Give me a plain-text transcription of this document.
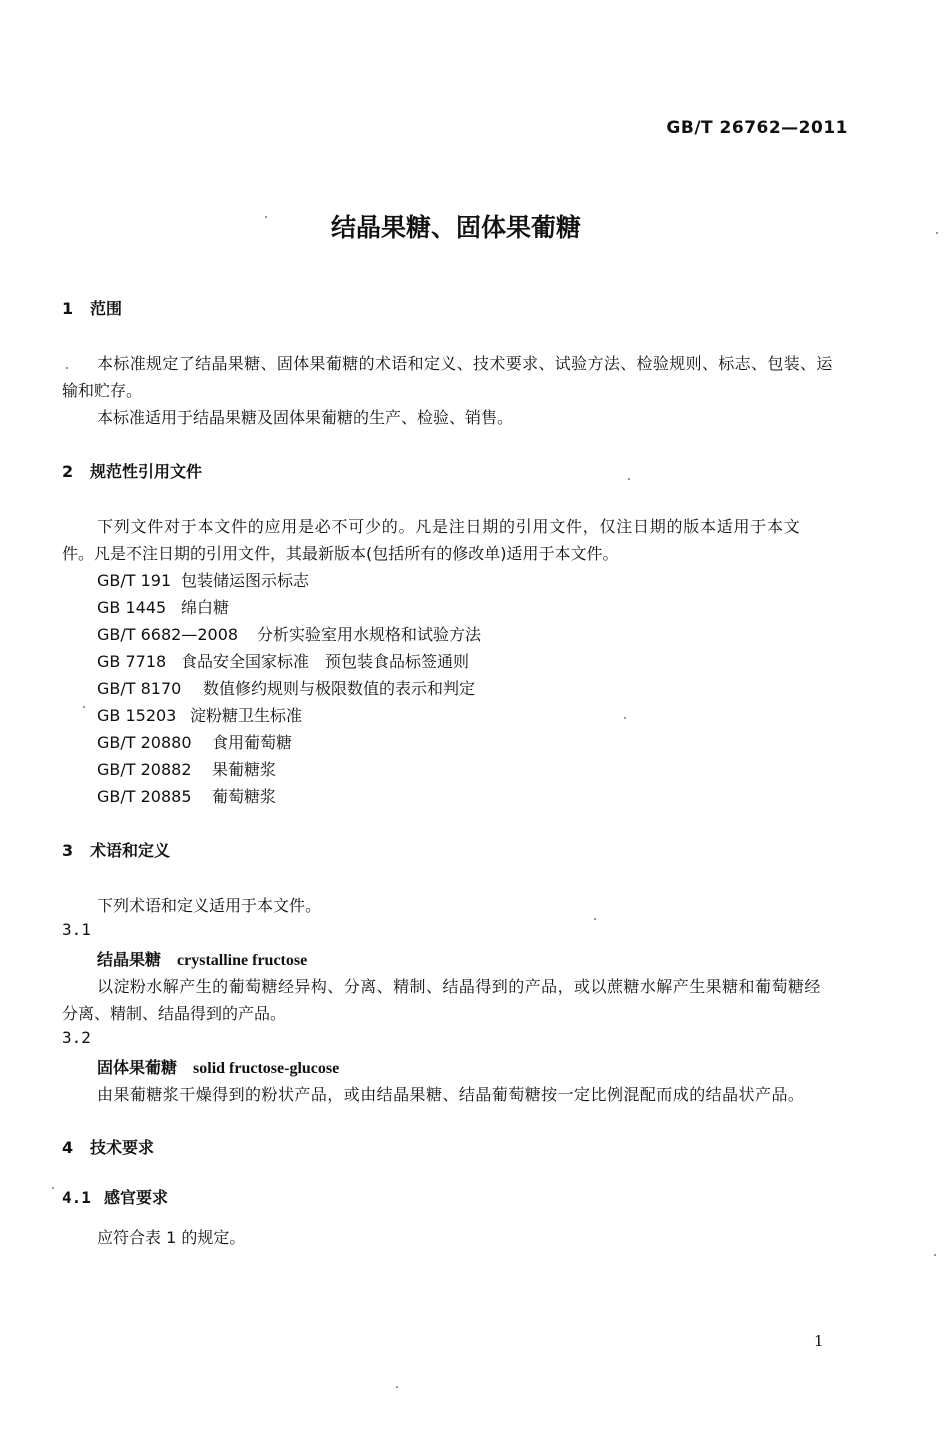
GB/T 26762—2011
结晶果糖、固体果葡糖
1 范围
本标准规定了结晶果糖、固体果葡糖的术语和定义、技术要求、试验方法、检验规则、标志、包装、运
输和贮存。
本标准适用于结晶果糖及固体果葡糖的生产、检验、销售。
2 规范性引用文件
下列文件对于本文件的应用是必不可少的。凡是注日期的引用文件，仅注日期的版本适用于本文
件。凡是不注日期的引用文件，其最新版本(包括所有的修改单)适用于本文件。
GB/T 191 包装储运图示标志
GB 1445 绵白糖
GB/T 6682—2008 分析实验室用水规格和试验方法
GB 7718 食品安全国家标准　预包装食品标签通则
GB/T 8170 数值修约规则与极限数值的表示和判定
GB 15203 淀粉糖卫生标准
GB/T 20880 食用葡萄糖
GB/T 20882 果葡糖浆
GB/T 20885 葡萄糖浆
3 术语和定义
下列术语和定义适用于本文件。
3.1
结晶果糖 crystalline fructose
以淀粉水解产生的葡萄糖经异构、分离、精制、结晶得到的产品，或以蔗糖水解产生果糖和葡萄糖经
分离、精制、结晶得到的产品。
3.2
固体果葡糖 solid fructose-glucose
由果葡糖浆干燥得到的粉状产品，或由结晶果糖、结晶葡萄糖按一定比例混配而成的结晶状产品。
4 技术要求
4.1 感官要求
应符合表 1 的规定。
1
